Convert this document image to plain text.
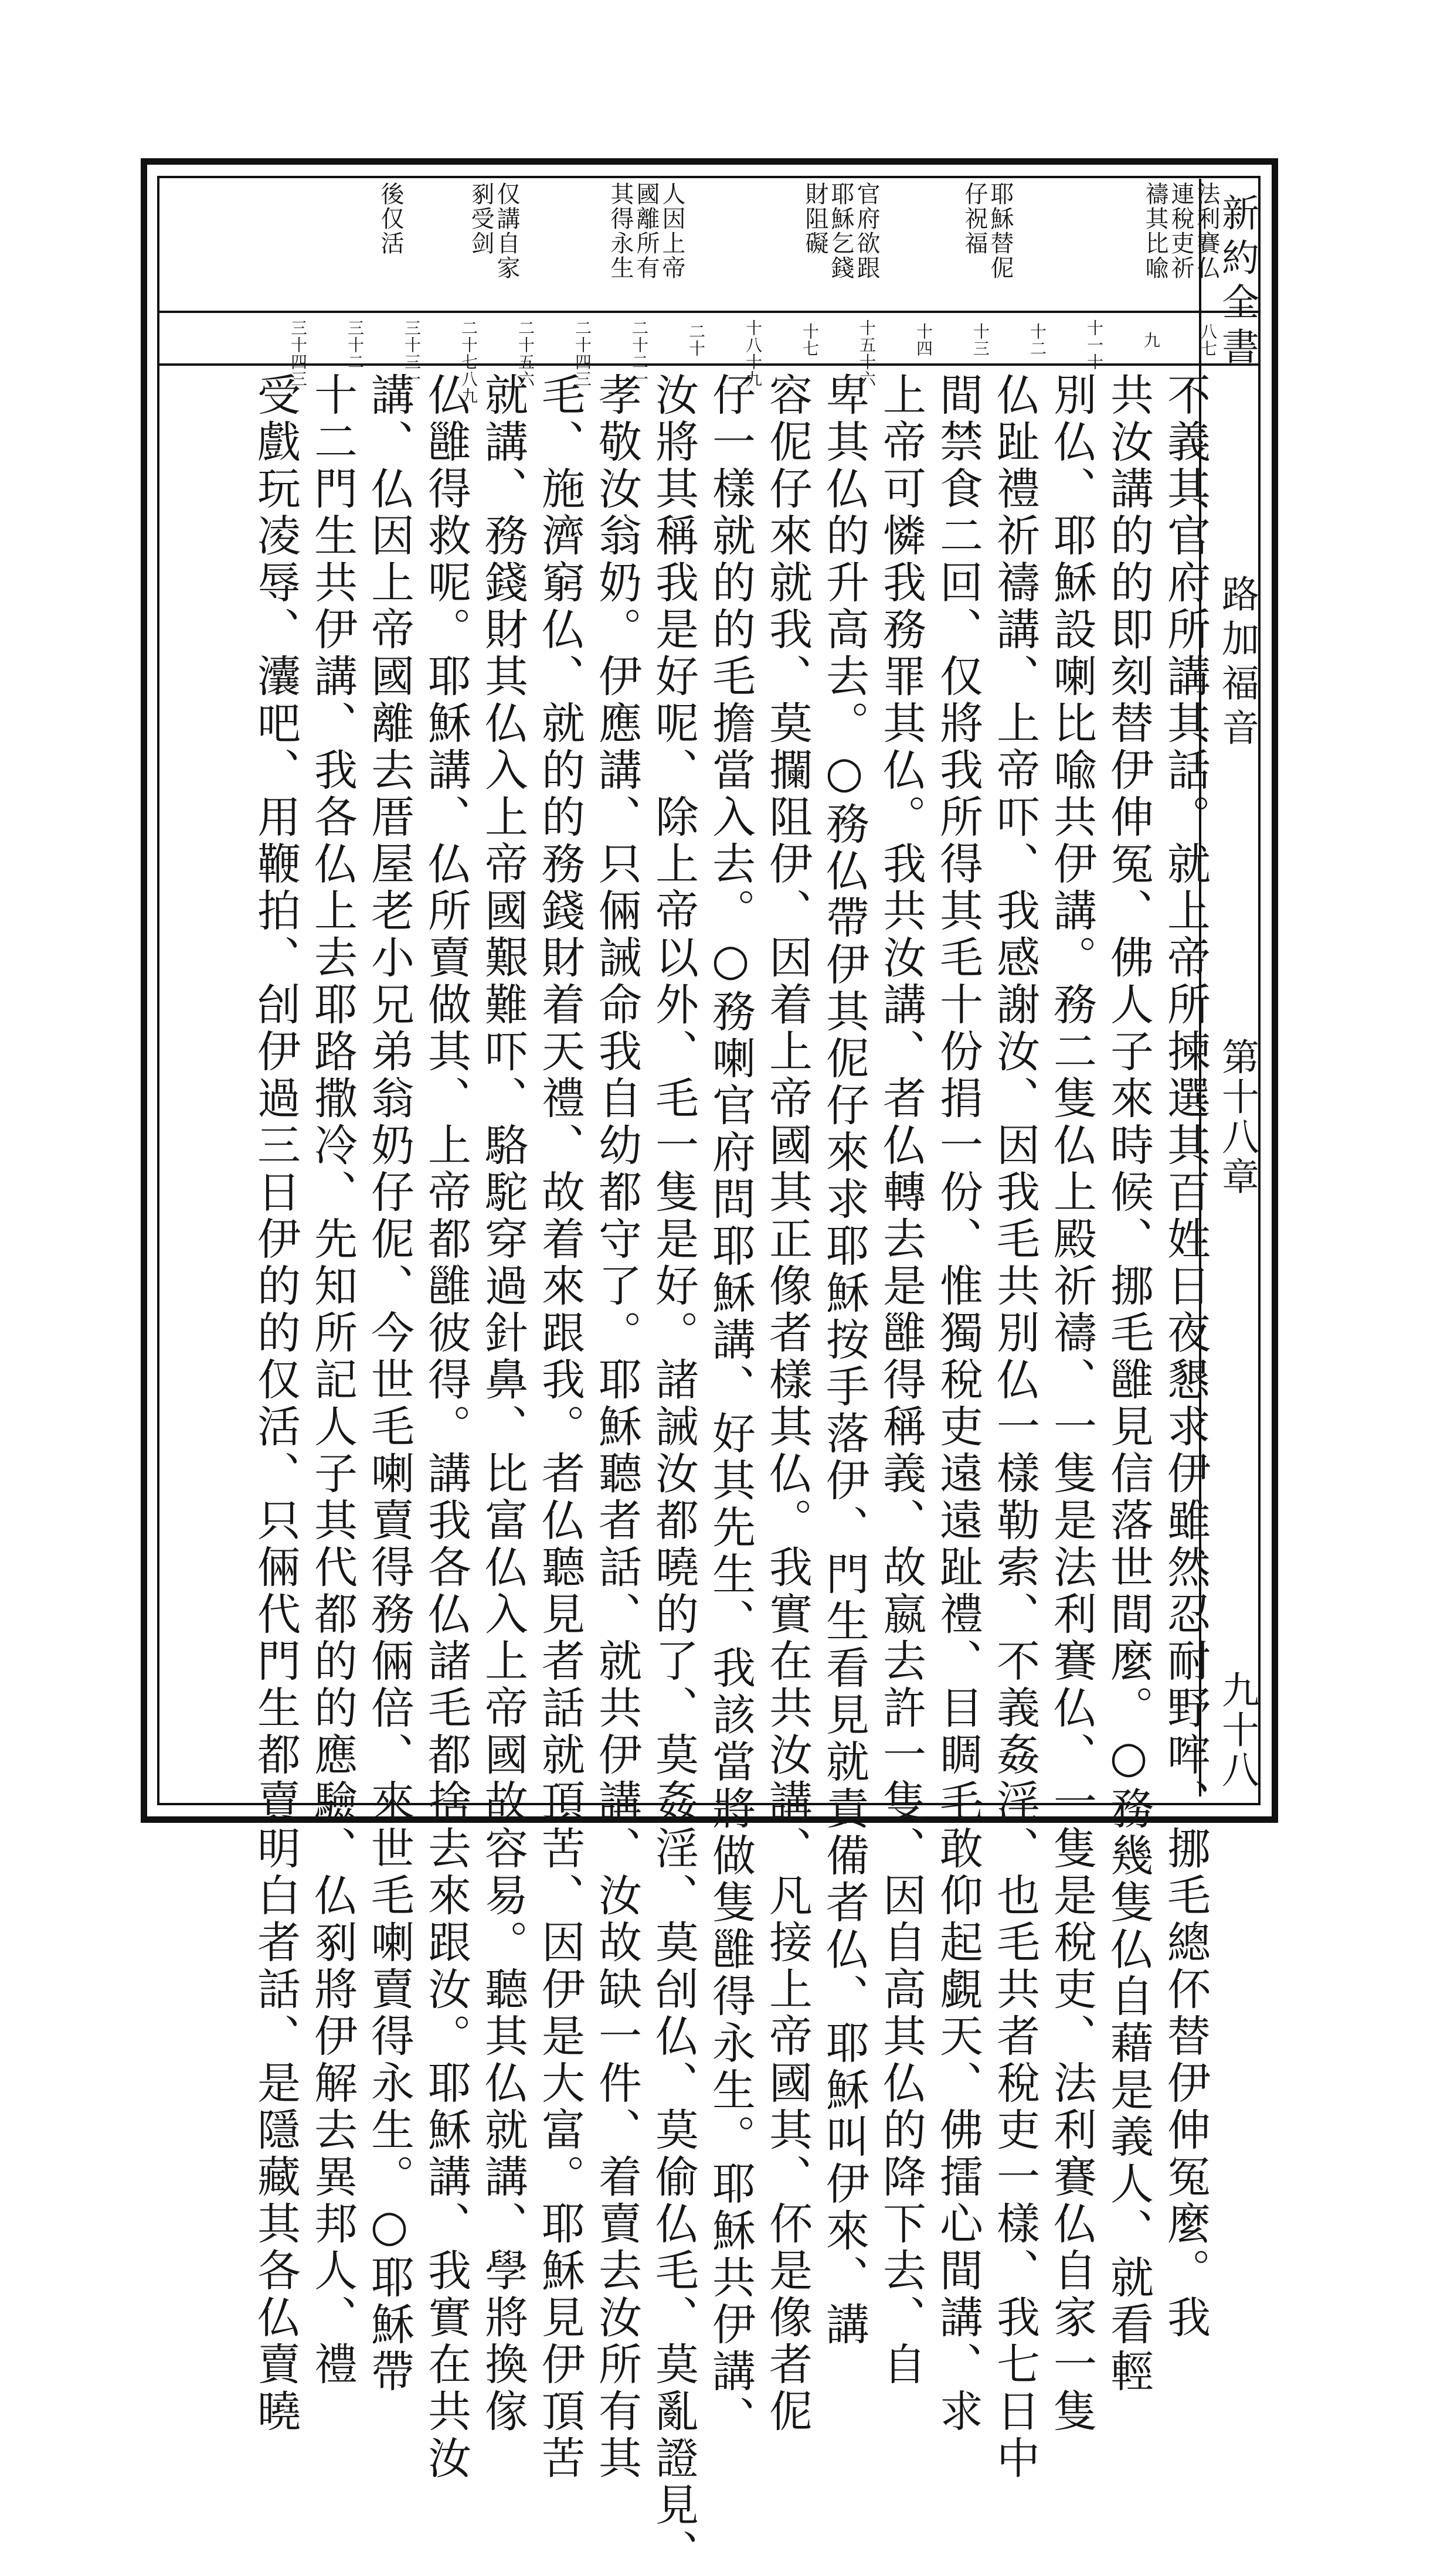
新約全書
第十八章
路加福音
九十八
法利賽仏
連稅吏祈
禱其比喩
耶穌替伲
仔祝福
官府欲跟
耶穌乞錢
財阻礙
人因上帝
國離所有
其得永生
仅講自家
剢受剑
後仅活
八七
九
十一十
十二
十三
十四
十五十六
十七
十八十九
二十
二十二一
二十四三
二十五六
二十七八九
三十三一
三十二
三十四三
不義其官府所講其話。就上帝所揀選其百姓日夜懇求伊雖然忍耐野哰、挪毛總伓替伊伸冤麼。我
共汝講的的即刻替伊伸冤、佛人子來時候、挪毛雝見信落世間麼。○務幾隻仏自藉是義人、就看輕
別仏、耶穌設喇比喩共伊講。務二隻仏上殿祈禱、一隻是法利賽仏、一隻是稅吏、法利賽仏自家一隻
仏趾禮祈禱講、上帝吓、我感謝汝、因我毛共別仏一樣勒索、不義姦淫、也毛共者稅吏一樣、我七日中
間禁食二回、仅將我所得其毛十份捐一份、惟獨稅吏遠遠趾禮、目睭毛敢仰起覷天、佛擂心間講、求
上帝可憐我務罪其仏。我共汝講、者仏轉去是雝得稱義、故嬴去許一隻、因自高其仏的降下去、自
卑其仏的升高去。○務仏帶伊其伲仔來求耶穌按手落伊、門生看見就責備者仏、耶穌叫伊來、講
容伲仔來就我、莫攔阻伊、因着上帝國其正像者樣其仏。我實在共汝講、凡接上帝國其、伓是像者伲
仔一樣就的的毛擔當入去。○務喇官府問耶穌講、好其先生、我該當將做隻雝得永生。耶穌共伊講、
汝將其稱我是好呢、除上帝以外、毛一隻是好。諸誡汝都曉的了、莫姦淫、莫刣仏、莫偷仏毛、莫亂證見、
孝敬汝翁奶。伊應講、只倆誡命我自幼都守了。耶穌聽者話、就共伊講、汝故缺一件、着賣去汝所有其
毛、施濟窮仏、就的的務錢財着天禮、故着來跟我。者仏聽見者話就頂苦、因伊是大富。耶穌見伊頂苦
就講、務錢財其仏入上帝國艱難吓、駱駝穿過針鼻、比富仏入上帝國故容易。聽其仏就講、學將換傢
仏雝得救呢。耶穌講、仏所賣做其、上帝都雝彼得。講我各仏諸毛都捨去來跟汝。耶穌講、我實在共汝
講、仏因上帝國離去厝屋老小兄弟翁奶仔伲、今世毛喇賣得務倆倍、來世毛喇賣得永生。○耶穌帶
十二門生共伊講、我各仏上去耶路撒冷、先知所記人子其代都的的應驗、仏剢將伊解去異邦人、禮
受戲玩凌辱、灢吧、用鞭拍、刣伊過三日伊的的仅活、只倆代門生都賣明白者話、是隱藏其各仏賣曉
